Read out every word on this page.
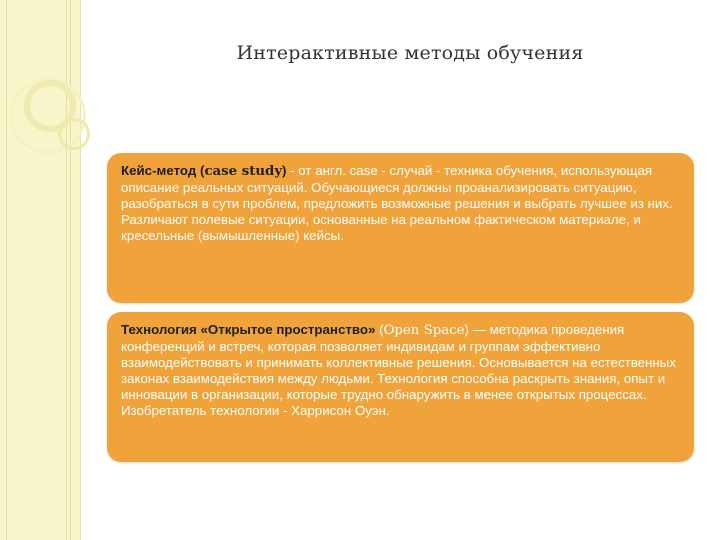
Интерактивные методы обучения

Кейс-метод (case study) - от англ. case - случай - техника обучения, использующая описание реальных ситуаций. Обучающиеся должны проанализировать ситуацию, разобраться в сути проблем, предложить возможные решения и выбрать лучшее из них. Различают полевые ситуации, основанные на реальном фактическом материале, и кресельные (вымышленные) кейсы.

Технология «Открытое пространство» (Open Space) — методика проведения конференций и встреч, которая позволяет индивидам и группам эффективно взаимодействовать и принимать коллективные решения. Основывается на естественных законах взаимодействия между людьми. Технология способна раскрыть знания, опыт и инновации в организации, которые трудно обнаружить в менее открытых процессах. Изобретатель технологии - Харрисон Оуэн.
